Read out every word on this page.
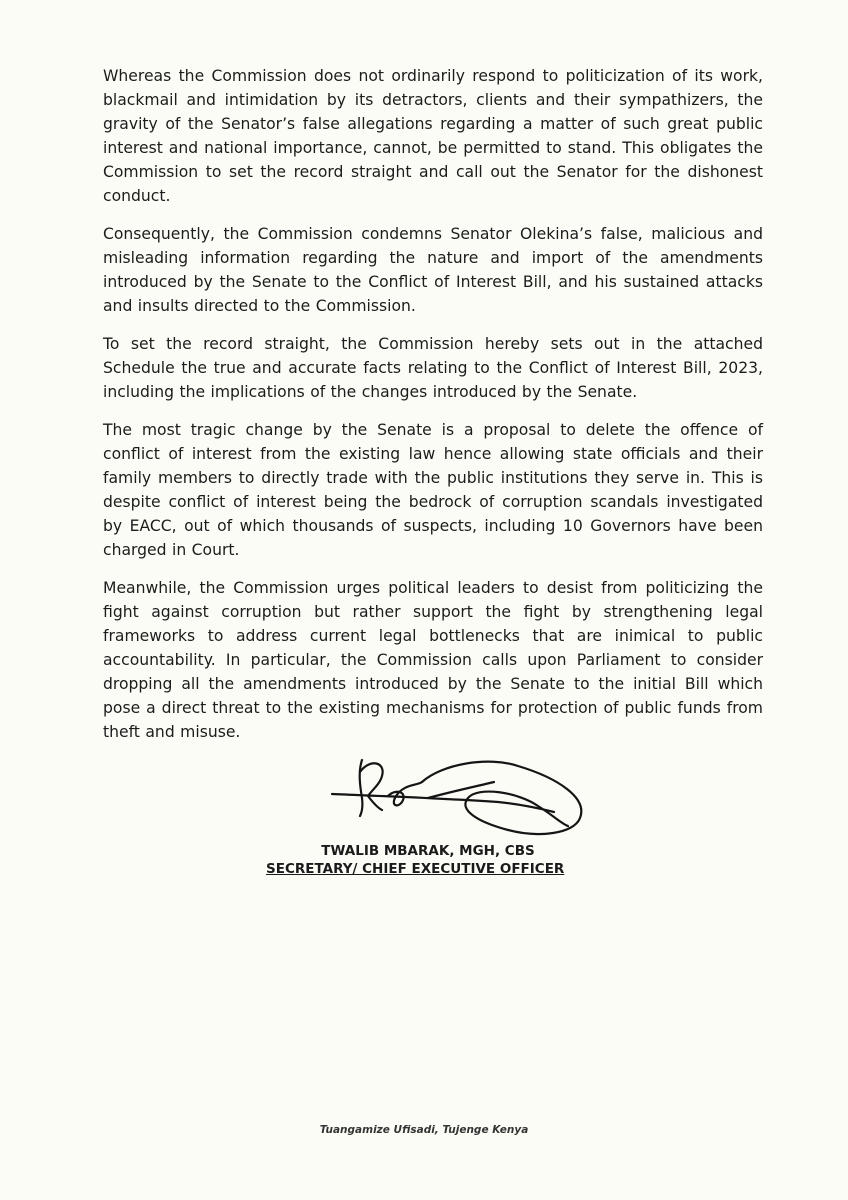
Whereas the Commission does not ordinarily respond to politicization of its work, blackmail and intimidation by its detractors, clients and their sympathizers, the gravity of the Senator’s false allegations regarding a matter of such great public interest and national importance, cannot, be permitted to stand. This obligates the Commission to set the record straight and call out the Senator for the dishonest conduct.

Consequently, the Commission condemns Senator Olekina’s false, malicious and misleading information regarding the nature and import of the amendments introduced by the Senate to the Conflict of Interest Bill, and his sustained attacks and insults directed to the Commission.

To set the record straight, the Commission hereby sets out in the attached Schedule the true and accurate facts relating to the Conflict of Interest Bill, 2023, including the implications of the changes introduced by the Senate.

The most tragic change by the Senate is a proposal to delete the offence of conflict of interest from the existing law hence allowing state officials and their family members to directly trade with the public institutions they serve in. This is despite conflict of interest being the bedrock of corruption scandals investigated by EACC, out of which thousands of suspects, including 10 Governors have been charged in Court.

Meanwhile, the Commission urges political leaders to desist from politicizing the fight against corruption but rather support the fight by strengthening legal frameworks to address current legal bottlenecks that are inimical to public accountability. In particular, the Commission calls upon Parliament to consider dropping all the amendments introduced by the Senate to the initial Bill which pose a direct threat to the existing mechanisms for protection of public funds from theft and misuse.

TWALIB MBARAK, MGH, CBS
SECRETARY/ CHIEF EXECUTIVE OFFICER
Tuangamize Ufisadi, Tujenge Kenya
